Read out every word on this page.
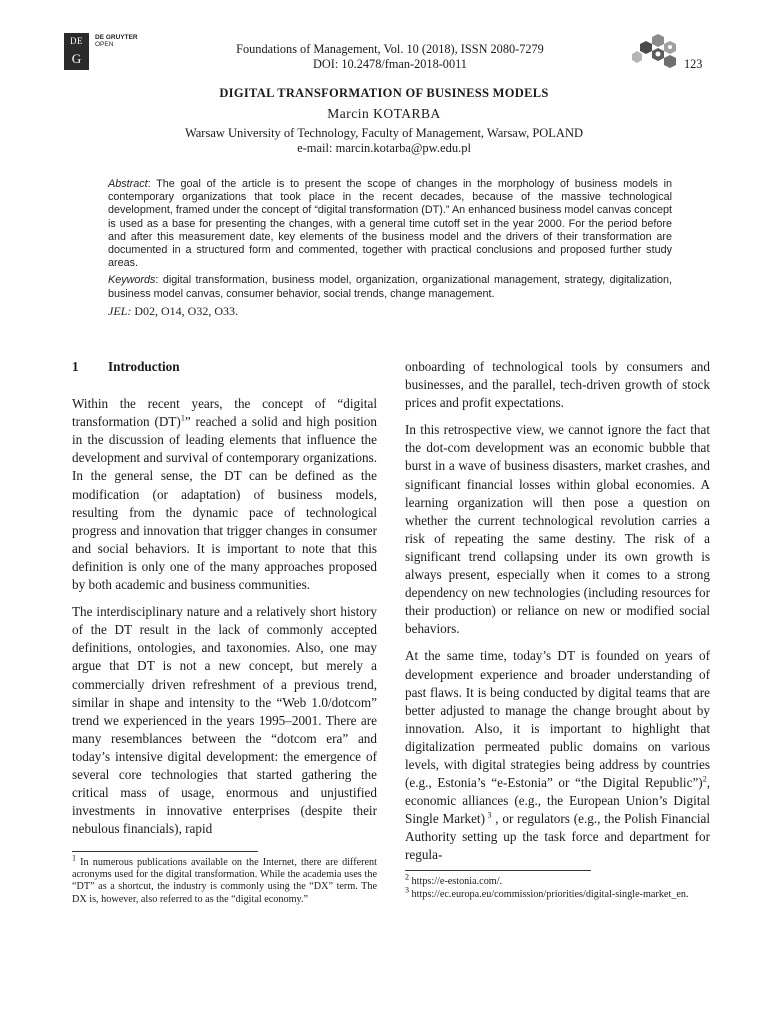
DE
G
DE GRUYTER
OPEN	Foundations of Management, Vol. 10 (2018), ISSN 2080-7279
DOI: 10.2478/fman-2018-0011	123
DIGITAL TRANSFORMATION OF BUSINESS MODELS
Marcin KOTARBA
Warsaw University of Technology, Faculty of Management, Warsaw, POLAND
e-mail: marcin.kotarba@pw.edu.pl

Abstract: The goal of the article is to present the scope of changes in the morphology of business models in contemporary organizations that took place in the recent decades, because of the massive technological development, framed under the concept of “digital transformation (DT).” An enhanced business model canvas concept is used as a base for presenting the changes, with a general time cutoff set in the year 2000. For the period before and after this measurement date, key elements of the business model and the drivers of their transformation are documented in a structured form and commented, together with practical conclusions and proposed further study areas.

Keywords: digital transformation, business model, organization, organizational management, strategy, digitalization, business model canvas, consumer behavior, social trends, change management.

JEL: D02, O14, O32, O33.

1 Introduction

Within the recent years, the concept of “digital transformation (DT)$^1$” reached a solid and high position in the discussion of leading elements that influence the development and survival of contemporary organizations. In the general sense, the DT can be defined as the modification (or adaptation) of business models, resulting from the dynamic pace of technological progress and innovation that trigger changes in consumer and social behaviors. It is important to note that this definition is only one of the many approaches proposed by both academic and business communities.

The interdisciplinary nature and a relatively short history of the DT result in the lack of commonly accepted definitions, ontologies, and taxonomies. Also, one may argue that DT is not a new concept, but merely a commercially driven refreshment of a previous trend, similar in shape and intensity to the “Web 1.0/dotcom” trend we experienced in the years 1995–2001. There are many resemblances between the “dotcom era” and today’s intensive digital development: the emergence of several core technologies that started gathering the critical mass of usage, enormous and unjustified investments in innovative enterprises (despite their nebulous financials), rapid

onboarding of technological tools by consumers and businesses, and the parallel, tech-driven growth of stock prices and profit expectations.

In this retrospective view, we cannot ignore the fact that the dot-com development was an economic bubble that burst in a wave of business disasters, market crashes, and significant financial losses within global economies. A learning organization will then pose a question on whether the current technological revolution carries a risk of repeating the same destiny. The risk of a significant trend collapsing under its own growth is always present, especially when it comes to a strong dependency on new technologies (including resources for their production) or reliance on new or modified social behaviors.

At the same time, today’s DT is founded on years of development experience and broader understanding of past flaws. It is being conducted by digital teams that are better adjusted to manage the change brought about by innovation. Also, it is important to highlight that digitalization permeated public domains on various levels, with digital strategies being address by countries (e.g., Estonia’s “e-Estonia” or “the Digital Republic”)$^2$, economic alliances (e.g., the European Union’s Digital Single Market) $^3$ , or regulators (e.g., the Polish Financial Authority setting up the task force and department for regula-

$^1$ In numerous publications available on the Internet, there are different acronyms used for the digital transformation. While the academia uses the “DT” as a shortcut, the industry is commonly using the “DX” term. The DX is, however, also referred to as the “digital economy.”

$^2$ https://e-estonia.com/.

$^3$ https://ec.europa.eu/commission/priorities/digital-single-market_en.
